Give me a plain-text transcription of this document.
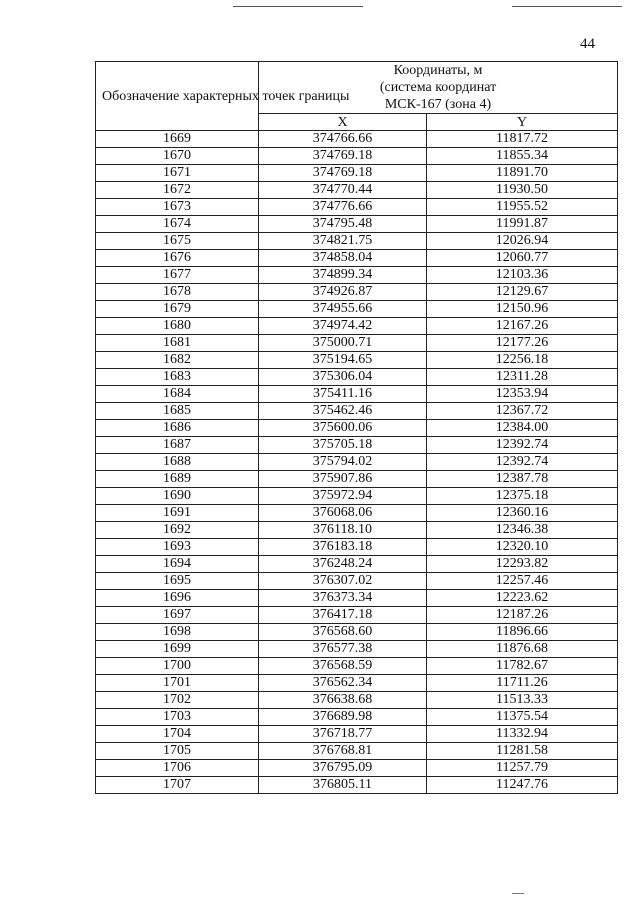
44
Обозначение характерных точек границы	Координаты, м
(система координат
МСК-167 (зона 4)	

	X	Y
1669	374766.66	11817.72
1670	374769.18	11855.34
1671	374769.18	11891.70
1672	374770.44	11930.50
1673	374776.66	11955.52
1674	374795.48	11991.87
1675	374821.75	12026.94
1676	374858.04	12060.77
1677	374899.34	12103.36
1678	374926.87	12129.67
1679	374955.66	12150.96
1680	374974.42	12167.26
1681	375000.71	12177.26
1682	375194.65	12256.18
1683	375306.04	12311.28
1684	375411.16	12353.94
1685	375462.46	12367.72
1686	375600.06	12384.00
1687	375705.18	12392.74
1688	375794.02	12392.74
1689	375907.86	12387.78
1690	375972.94	12375.18
1691	376068.06	12360.16
1692	376118.10	12346.38
1693	376183.18	12320.10
1694	376248.24	12293.82
1695	376307.02	12257.46
1696	376373.34	12223.62
1697	376417.18	12187.26
1698	376568.60	11896.66
1699	376577.38	11876.68
1700	376568.59	11782.67
1701	376562.34	11711.26
1702	376638.68	11513.33
1703	376689.98	11375.54
1704	376718.77	11332.94
1705	376768.81	11281.58
1706	376795.09	11257.79
1707	376805.11	11247.76
